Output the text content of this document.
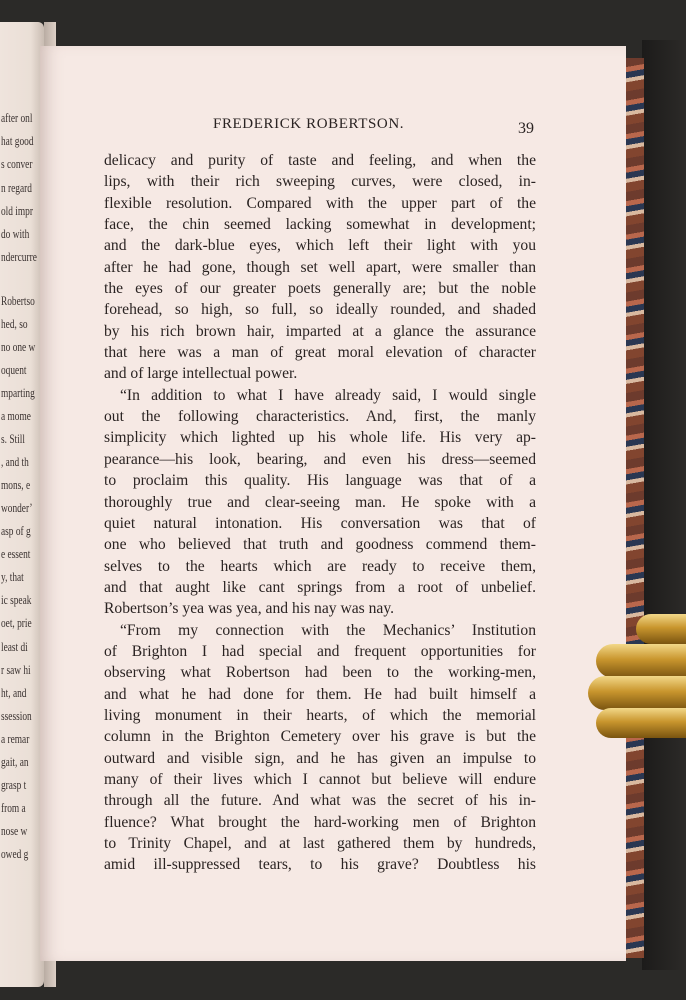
after onl
hat good
s conver
n regard
old impr
do with
ndercurre
Robertso
hed, so
no one w
oquent
mparting
a mome
s. Still
, and th
mons, e
wonder’
asp of g
e essent
y, that
ic speak
oet, prie
least di
r saw hi
ht, and
ssession
a remar
gait, an
grasp t
from a
nose w
owed g
FREDERICK ROBERTSON.	39
delicacy and purity of taste and feeling, and when the
lips, with their rich sweeping curves, were closed, in-
flexible resolution. Compared with the upper part of the
face, the chin seemed lacking somewhat in development;
and the dark-blue eyes, which left their light with you
after he had gone, though set well apart, were smaller than
the eyes of our greater poets generally are; but the noble
forehead, so high, so full, so ideally rounded, and shaded
by his rich brown hair, imparted at a glance the assurance
that here was a man of great moral elevation of character
and of large intellectual power.
“In addition to what I have already said, I would single
out the following characteristics. And, first, the manly
simplicity which lighted up his whole life. His very ap-
pearance—his look, bearing, and even his dress—seemed
to proclaim this quality. His language was that of a
thoroughly true and clear-seeing man. He spoke with a
quiet natural intonation. His conversation was that of
one who believed that truth and goodness commend them-
selves to the hearts which are ready to receive them,
and that aught like cant springs from a root of unbelief.
Robertson’s yea was yea, and his nay was nay.
“From my connection with the Mechanics’ Institution
of Brighton I had special and frequent opportunities for
observing what Robertson had been to the working-men,
and what he had done for them. He had built himself a
living monument in their hearts, of which the memorial
column in the Brighton Cemetery over his grave is but the
outward and visible sign, and he has given an impulse to
many of their lives which I cannot but believe will endure
through all the future. And what was the secret of his in-
fluence? What brought the hard-working men of Brighton
to Trinity Chapel, and at last gathered them by hundreds,
amid ill-suppressed tears, to his grave? Doubtless his
